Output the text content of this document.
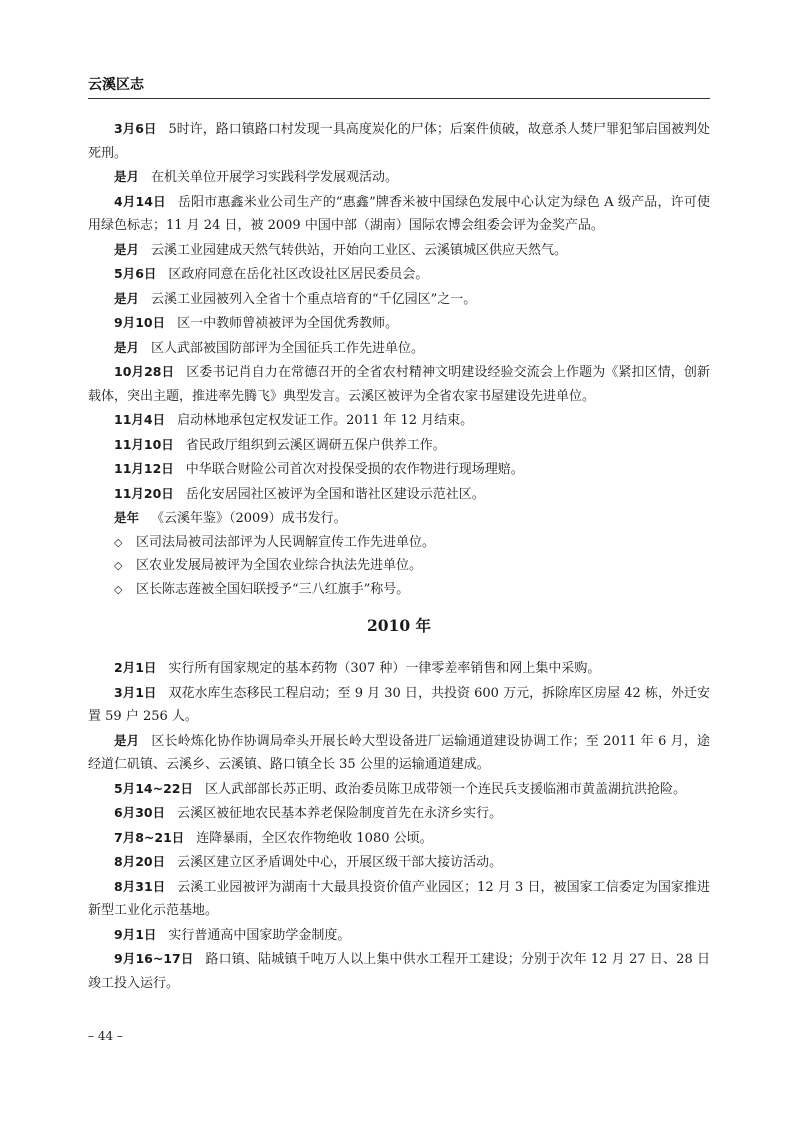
云溪区志

3月6日 5时许，路口镇路口村发现一具高度炭化的尸体；后案件侦破，故意杀人焚尸罪犯邹启国被判处死刑。

是月 在机关单位开展学习实践科学发展观活动。

4月14日 岳阳市惠鑫米业公司生产的“惠鑫”牌香米被中国绿色发展中心认定为绿色 A 级产品，许可使用绿色标志；11 月 24 日，被 2009 中国中部（湖南）国际农博会组委会评为金奖产品。

是月 云溪工业园建成天然气转供站，开始向工业区、云溪镇城区供应天然气。

5月6日 区政府同意在岳化社区改设社区居民委员会。

是月 云溪工业园被列入全省十个重点培育的“千亿园区”之一。

9月10日 区一中教师曾祯被评为全国优秀教师。

是月 区人武部被国防部评为全国征兵工作先进单位。

10月28日 区委书记肖自力在常德召开的全省农村精神文明建设经验交流会上作题为《紧扣区情，创新载体，突出主题，推进率先腾飞》典型发言。云溪区被评为全省农家书屋建设先进单位。

11月4日 启动林地承包定权发证工作。2011 年 12 月结束。

11月10日 省民政厅组织到云溪区调研五保户供养工作。

11月12日 中华联合财险公司首次对投保受损的农作物进行现场理赔。

11月20日 岳化安居园社区被评为全国和谐社区建设示范社区。

是年 《云溪年鉴》（2009）成书发行。

◇ 区司法局被司法部评为人民调解宣传工作先进单位。

◇ 区农业发展局被评为全国农业综合执法先进单位。

◇ 区长陈志莲被全国妇联授予“三八红旗手”称号。

2010 年

2月1日 实行所有国家规定的基本药物（307 种）一律零差率销售和网上集中采购。

3月1日 双花水库生态移民工程启动；至 9 月 30 日，共投资 600 万元，拆除库区房屋 42 栋，外迁安置 59 户 256 人。

是月 区长岭炼化协作协调局牵头开展长岭大型设备进厂运输通道建设协调工作；至 2011 年 6 月，途经道仁矶镇、云溪乡、云溪镇、路口镇全长 35 公里的运输通道建成。

5月14~22日 区人武部部长苏正明、政治委员陈卫成带领一个连民兵支援临湘市黄盖湖抗洪抢险。

6月30日 云溪区被征地农民基本养老保险制度首先在永济乡实行。

7月8~21日 连降暴雨，全区农作物绝收 1080 公顷。

8月20日 云溪区建立区矛盾调处中心，开展区级干部大接访活动。

8月31日 云溪工业园被评为湖南十大最具投资价值产业园区；12 月 3 日，被国家工信委定为国家推进新型工业化示范基地。

9月1日 实行普通高中国家助学金制度。

9月16~17日 路口镇、陆城镇千吨万人以上集中供水工程开工建设；分别于次年 12 月 27 日、28 日竣工投入运行。

– 44 –
